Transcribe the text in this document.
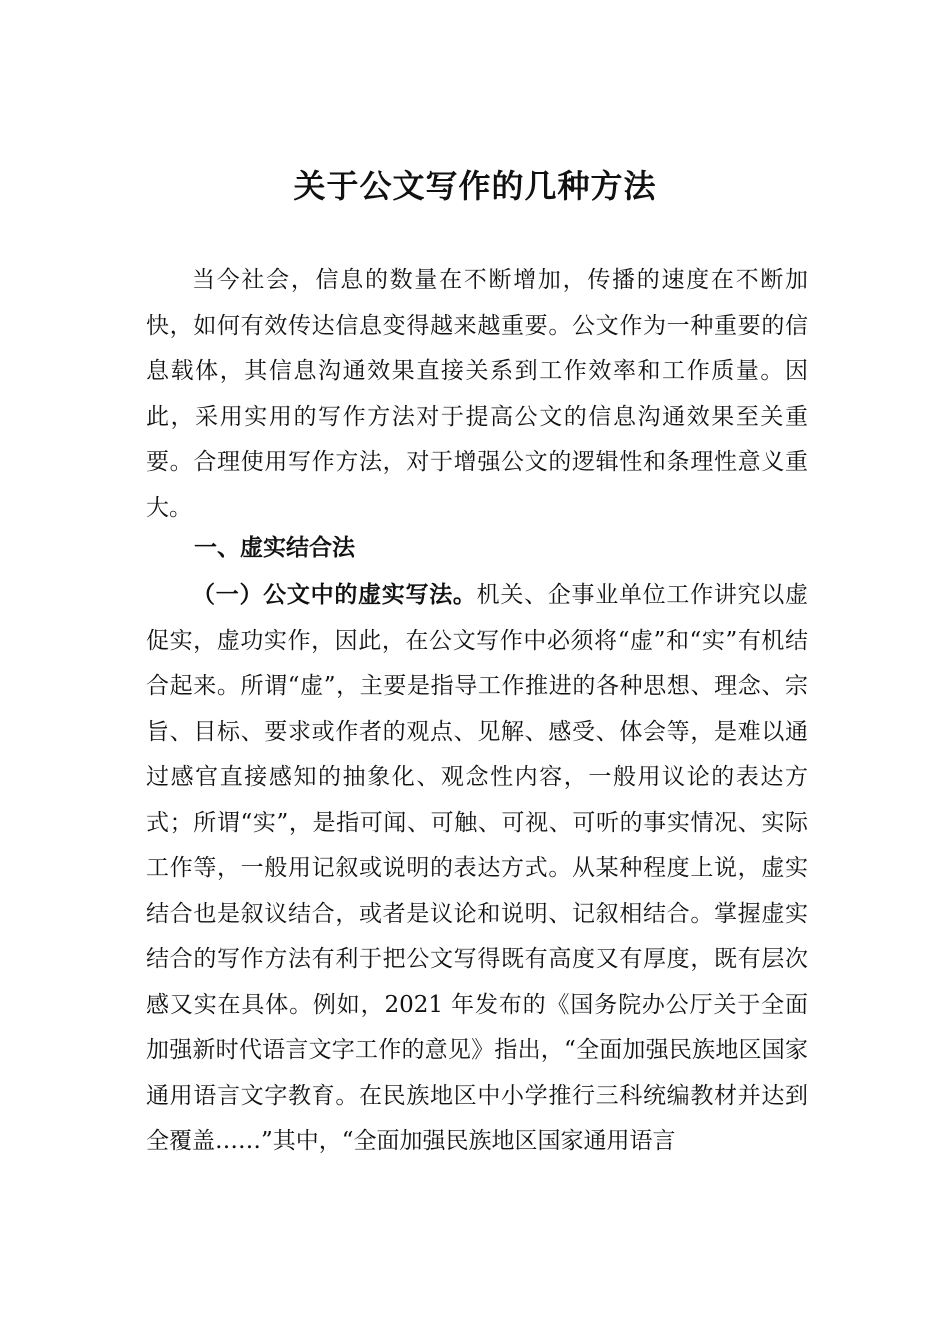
关于公文写作的几种方法

当今社会，信息的数量在不断增加，传播的速度在不断加快，如何有效传达信息变得越来越重要。公文作为一种重要的信息载体，其信息沟通效果直接关系到工作效率和工作质量。因此，采用实用的写作方法对于提高公文的信息沟通效果至关重要。合理使用写作方法，对于增强公文的逻辑性和条理性意义重大。

一、虚实结合法

（一）公文中的虚实写法。机关、企事业单位工作讲究以虚促实，虚功实作，因此，在公文写作中必须将“虚”和“实”有机结合起来。所谓“虚”，主要是指导工作推进的各种思想、理念、宗旨、目标、要求或作者的观点、见解、感受、体会等，是难以通过感官直接感知的抽象化、观念性内容，一般用议论的表达方式；所谓“实”，是指可闻、可触、可视、可听的事实情况、实际工作等，一般用记叙或说明的表达方式。从某种程度上说，虚实结合也是叙议结合，或者是议论和说明、记叙相结合。掌握虚实结合的写作方法有利于把公文写得既有高度又有厚度，既有层次感又实在具体。例如，2021 年发布的《国务院办公厅关于全面加强新时代语言文字工作的意见》指出，“全面加强民族地区国家通用语言文字教育。在民族地区中小学推行三科统编教材并达到全覆盖……”其中，“全面加强民族地区国家通用语言
